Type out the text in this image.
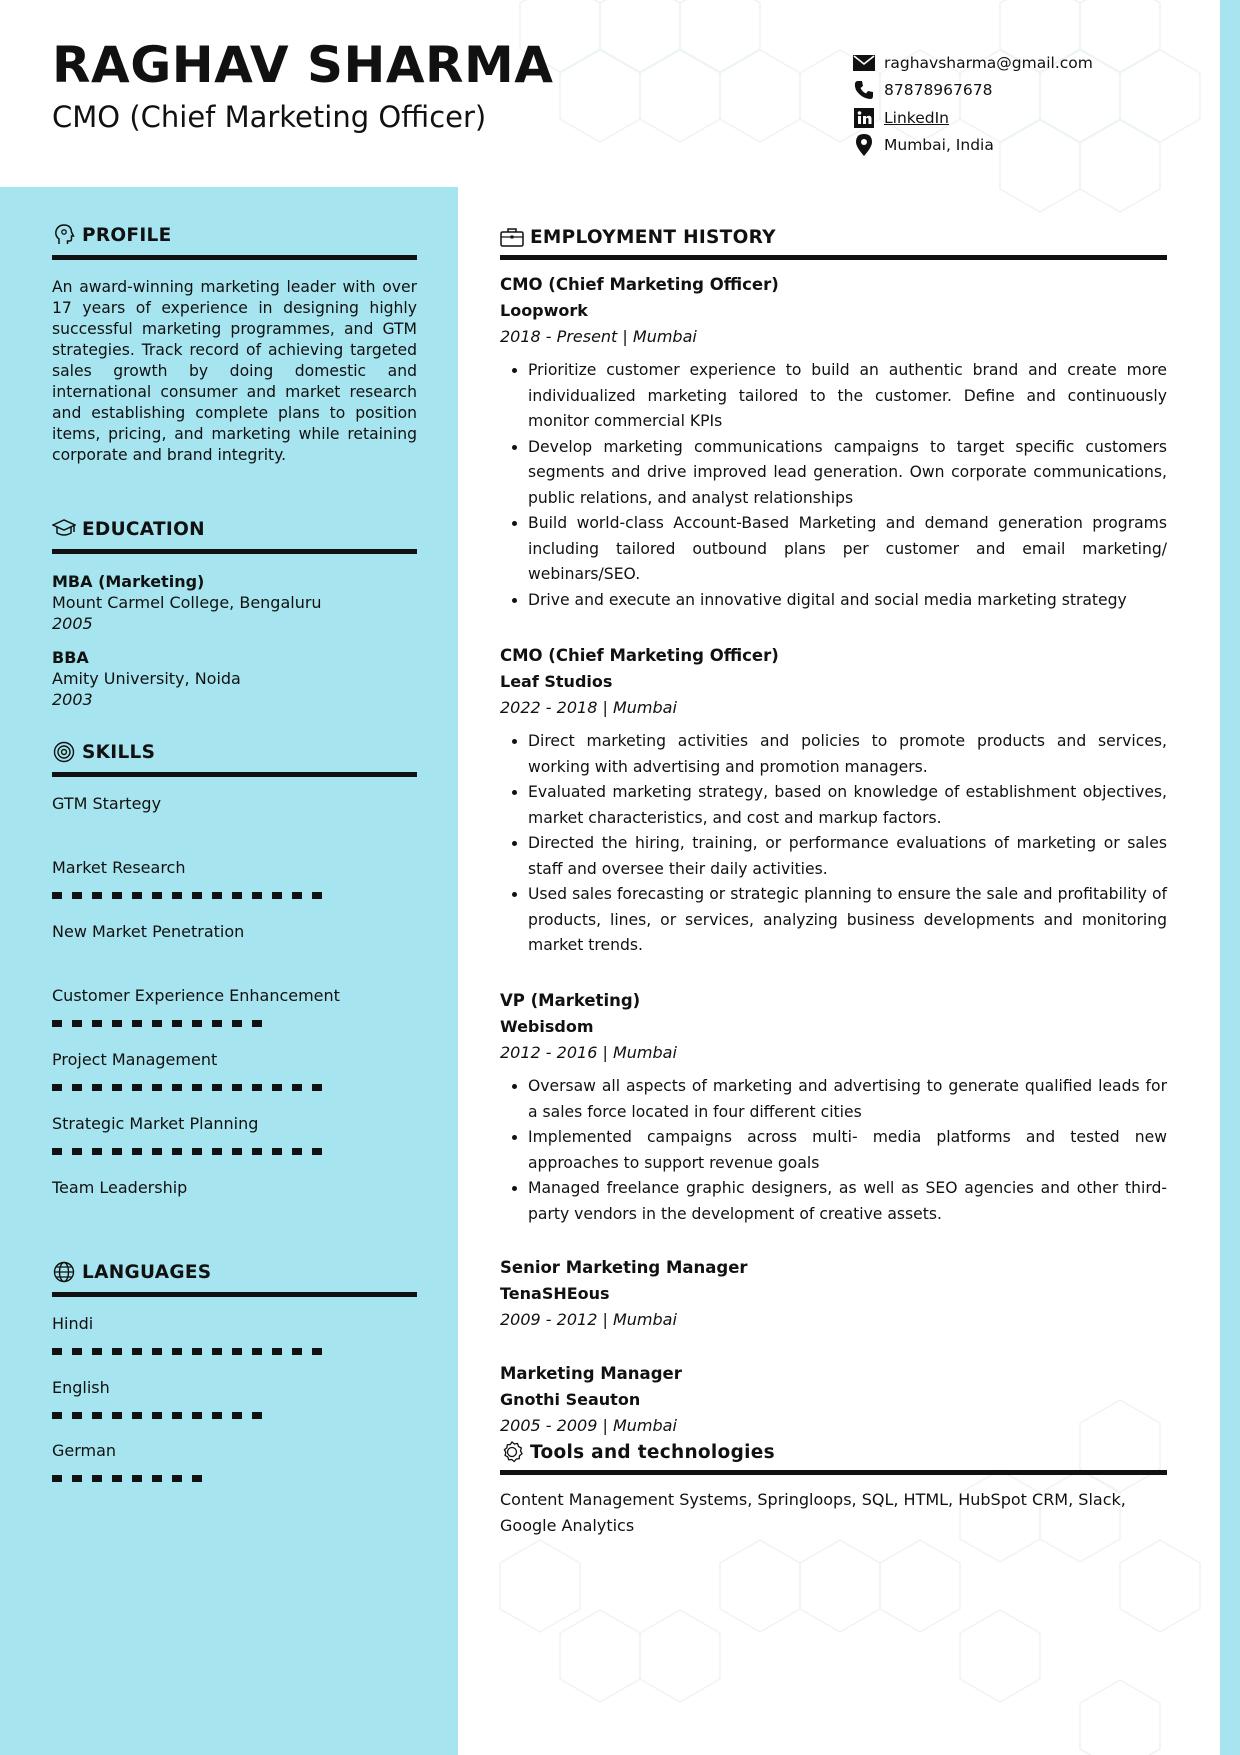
RAGHAV SHARMA
CMO (Chief Marketing Officer)
raghavsharma@gmail.com
87878967678
LinkedIn
Mumbai, India
PROFILE
An award-winning marketing leader with over 17 years of experience in designing highly successful marketing programmes, and GTM strategies. Track record of achieving targeted sales growth by doing domestic and international consumer and market research and establishing complete plans to position items, pricing, and marketing while retaining corporate and brand integrity.
EDUCATION
MBA (Marketing)
Mount Carmel College, Bengaluru
2005
BBA
Amity University, Noida
2003
SKILLS
GTM Startegy
Market Research
New Market Penetration
Customer Experience Enhancement
Project Management
Strategic Market Planning
Team Leadership
LANGUAGES
Hindi
English
German
EMPLOYMENT HISTORY
CMO (Chief Marketing Officer)
Loopwork
2018 - Present | Mumbai
• Prioritize customer experience to build an authentic brand and create more individualized marketing tailored to the customer. Define and continuously monitor commercial KPIs
• Develop marketing communications campaigns to target specific customers segments and drive improved lead generation. Own corporate communications, public relations, and analyst relationships
• Build world-class Account-Based Marketing and demand generation programs including tailored outbound plans per customer and email marketing/ webinars/SEO.
• Drive and execute an innovative digital and social media marketing strategy
CMO (Chief Marketing Officer)
Leaf Studios
2022 - 2018 | Mumbai
• Direct marketing activities and policies to promote products and services, working with advertising and promotion managers.
• Evaluated marketing strategy, based on knowledge of establishment objectives, market characteristics, and cost and markup factors.
• Directed the hiring, training, or performance evaluations of marketing or sales staff and oversee their daily activities.
• Used sales forecasting or strategic planning to ensure the sale and profitability of products, lines, or services, analyzing business developments and monitoring market trends.
VP (Marketing)
Webisdom
2012 - 2016 | Mumbai
• Oversaw all aspects of marketing and advertising to generate qualified leads for a sales force located in four different cities
• Implemented campaigns across multi- media platforms and tested new approaches to support revenue goals
• Managed freelance graphic designers, as well as SEO agencies and other third-party vendors in the development of creative assets.
Senior Marketing Manager
TenaSHEous
2009 - 2012 | Mumbai
Marketing Manager
Gnothi Seauton
2005 - 2009 | Mumbai
Tools and technologies
Content Management Systems, Springloops, SQL, HTML, HubSpot CRM, Slack, Google Analytics
